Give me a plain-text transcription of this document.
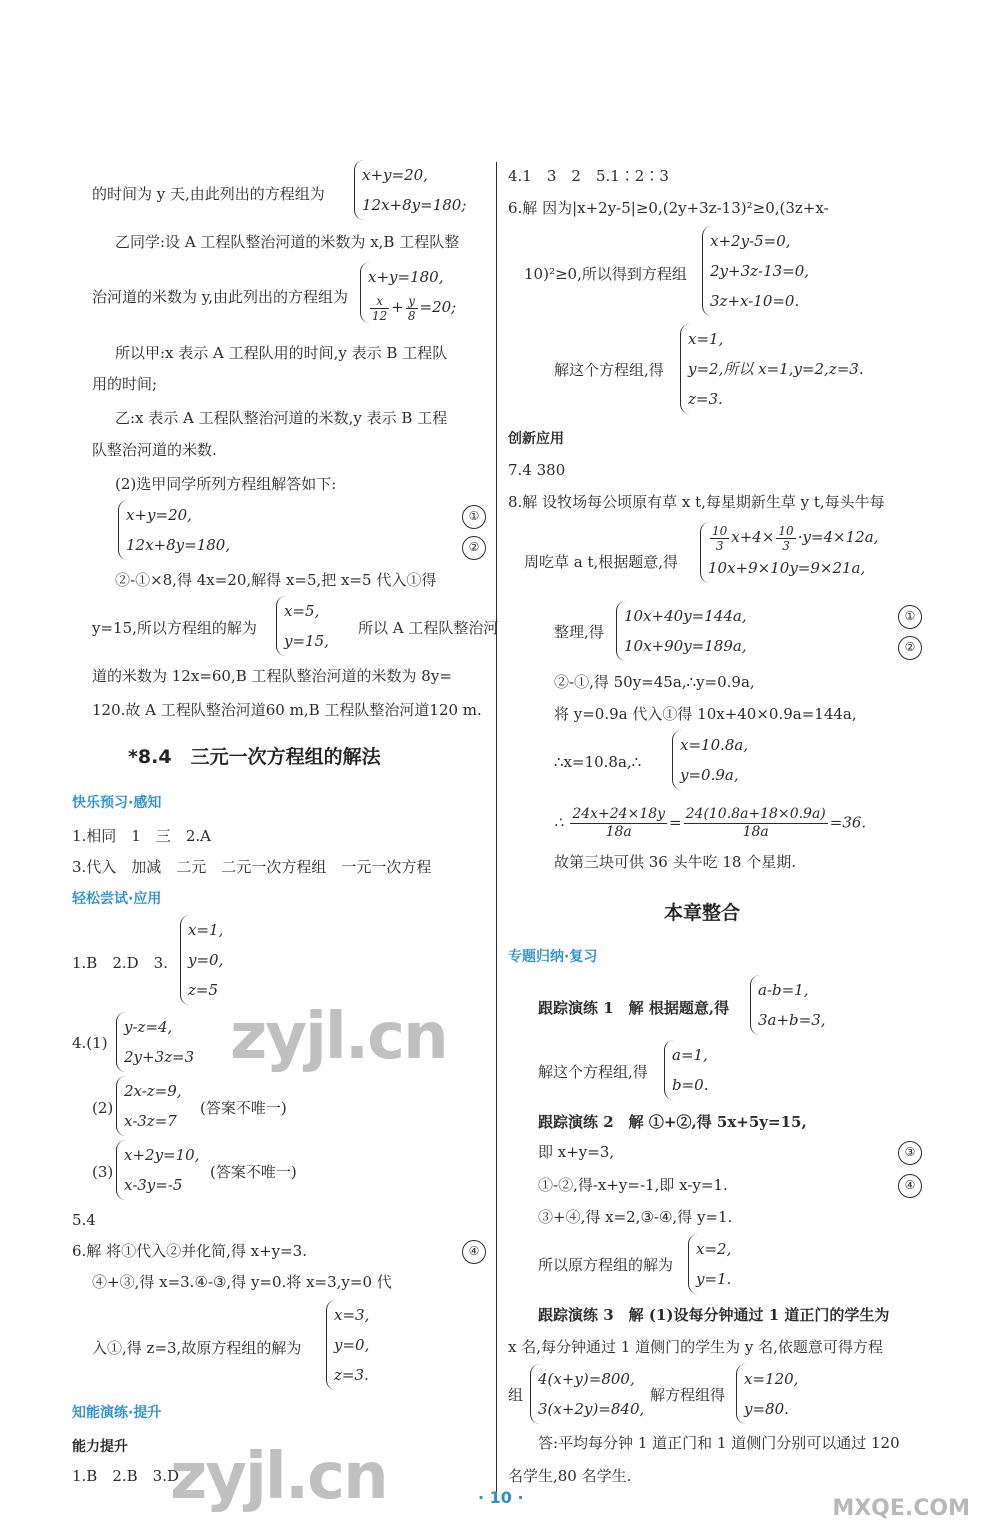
的时间为 y 天,由此列出的方程组为
x+y=20,
12x+8y=180;
乙同学:设 A 工程队整治河道的米数为 x,B 工程队整
治河道的米数为 y,由此列出的方程组为
x+y=180,
$\frac{x}{12} + \frac{y}{8} =20$;
所以甲:x 表示 A 工程队用的时间,y 表示 B 工程队
用的时间;
乙:x 表示 A 工程队整治河道的米数,y 表示 B 工程
队整治河道的米数.
(2)选甲同学所列方程组解答如下:
x+y=20,
12x+8y=180,
①
②
②-①×8,得 4x=20,解得 x=5,把 x=5 代入①得
y=15,所以方程组的解为
x=5,
y=15,
所以 A 工程队整治河
道的米数为 12x=60,B 工程队整治河道的米数为 8y=
120.故 A 工程队整治河道60 m,B 工程队整治河道120 m.
*8.4　三元一次方程组的解法
快乐预习·感知
1.相同　1　三　2.A
3.代入　加减　二元　二元一次方程组　一元一次方程
轻松尝试·应用
1.B　2.D　3.
x=1,
y=0,
z=5
4.(1)
y-z=4,
2y+3z=3
(2)
2x-z=9,
x-3z=7
(答案不唯一)
(3)
x+2y=10,
x-3y=-5
(答案不唯一)
5.4
6.解 将①代入②并化简,得 x+y=3.	④
④+③,得 x=3.④-③,得 y=0.将 x=3,y=0 代
入①,得 z=3,故原方程组的解为
x=3,
y=0,
z=3.
知能演练·提升
能力提升
1.B　2.B　3.D
4.1　3　2　5.1∶2∶3
6.解 因为|x+2y-5|≥0,(2y+3z-13)²≥0,(3z+x-
10)²≥0,所以得到方程组
x+2y-5=0,
2y+3z-13=0,
3z+x-10=0.
解这个方程组,得
x=1,
y=2,所以 x=1,y=2,z=3.
z=3.
创新应用
7.4 380
8.解 设牧场每公顷原有草 x t,每星期新生草 y t,每头牛每
周吃草 a t,根据题意,得
$\frac{10}{3} x+4\times \frac{10}{3} \cdot y=4\times 12a$,
10x+9×10y=9×21a,
整理,得
10x+40y=144a,
10x+90y=189a,
①
②
②-①,得 50y=45a,∴y=0.9a,
将 y=0.9a 代入①得 10x+40×0.9a=144a,
∴x=10.8a,∴
x=10.8a,
y=0.9a,
∴ $\frac{24x+24\times 18y}{18a} = \frac{24(10.8a+18\times 0.9a)}{18a} =36$.
故第三块可供 36 头牛吃 18 个星期.
本章整合
专题归纳·复习
跟踪演练 1　解 根据题意,得
a-b=1,
3a+b=3,
解这个方程组,得
a=1,
b=0.
跟踪演练 2　解 ①+②,得 5x+5y=15,
即 x+y=3,	③
①-②,得-x+y=-1,即 x-y=1.	④
③+④,得 x=2,③-④,得 y=1.
所以原方程组的解为
x=2,
y=1.
跟踪演练 3　解 (1)设每分钟通过 1 道正门的学生为
x 名,每分钟通过 1 道侧门的学生为 y 名,依题意可得方程
组
4(x+y)=800,
3(x+2y)=840,
解方程组得
x=120,
y=80.
答:平均每分钟 1 道正门和 1 道侧门分别可以通过 120
名学生,80 名学生.
zyjl.cn
zyjl.cn	MXQE.COM
· 10 ·
